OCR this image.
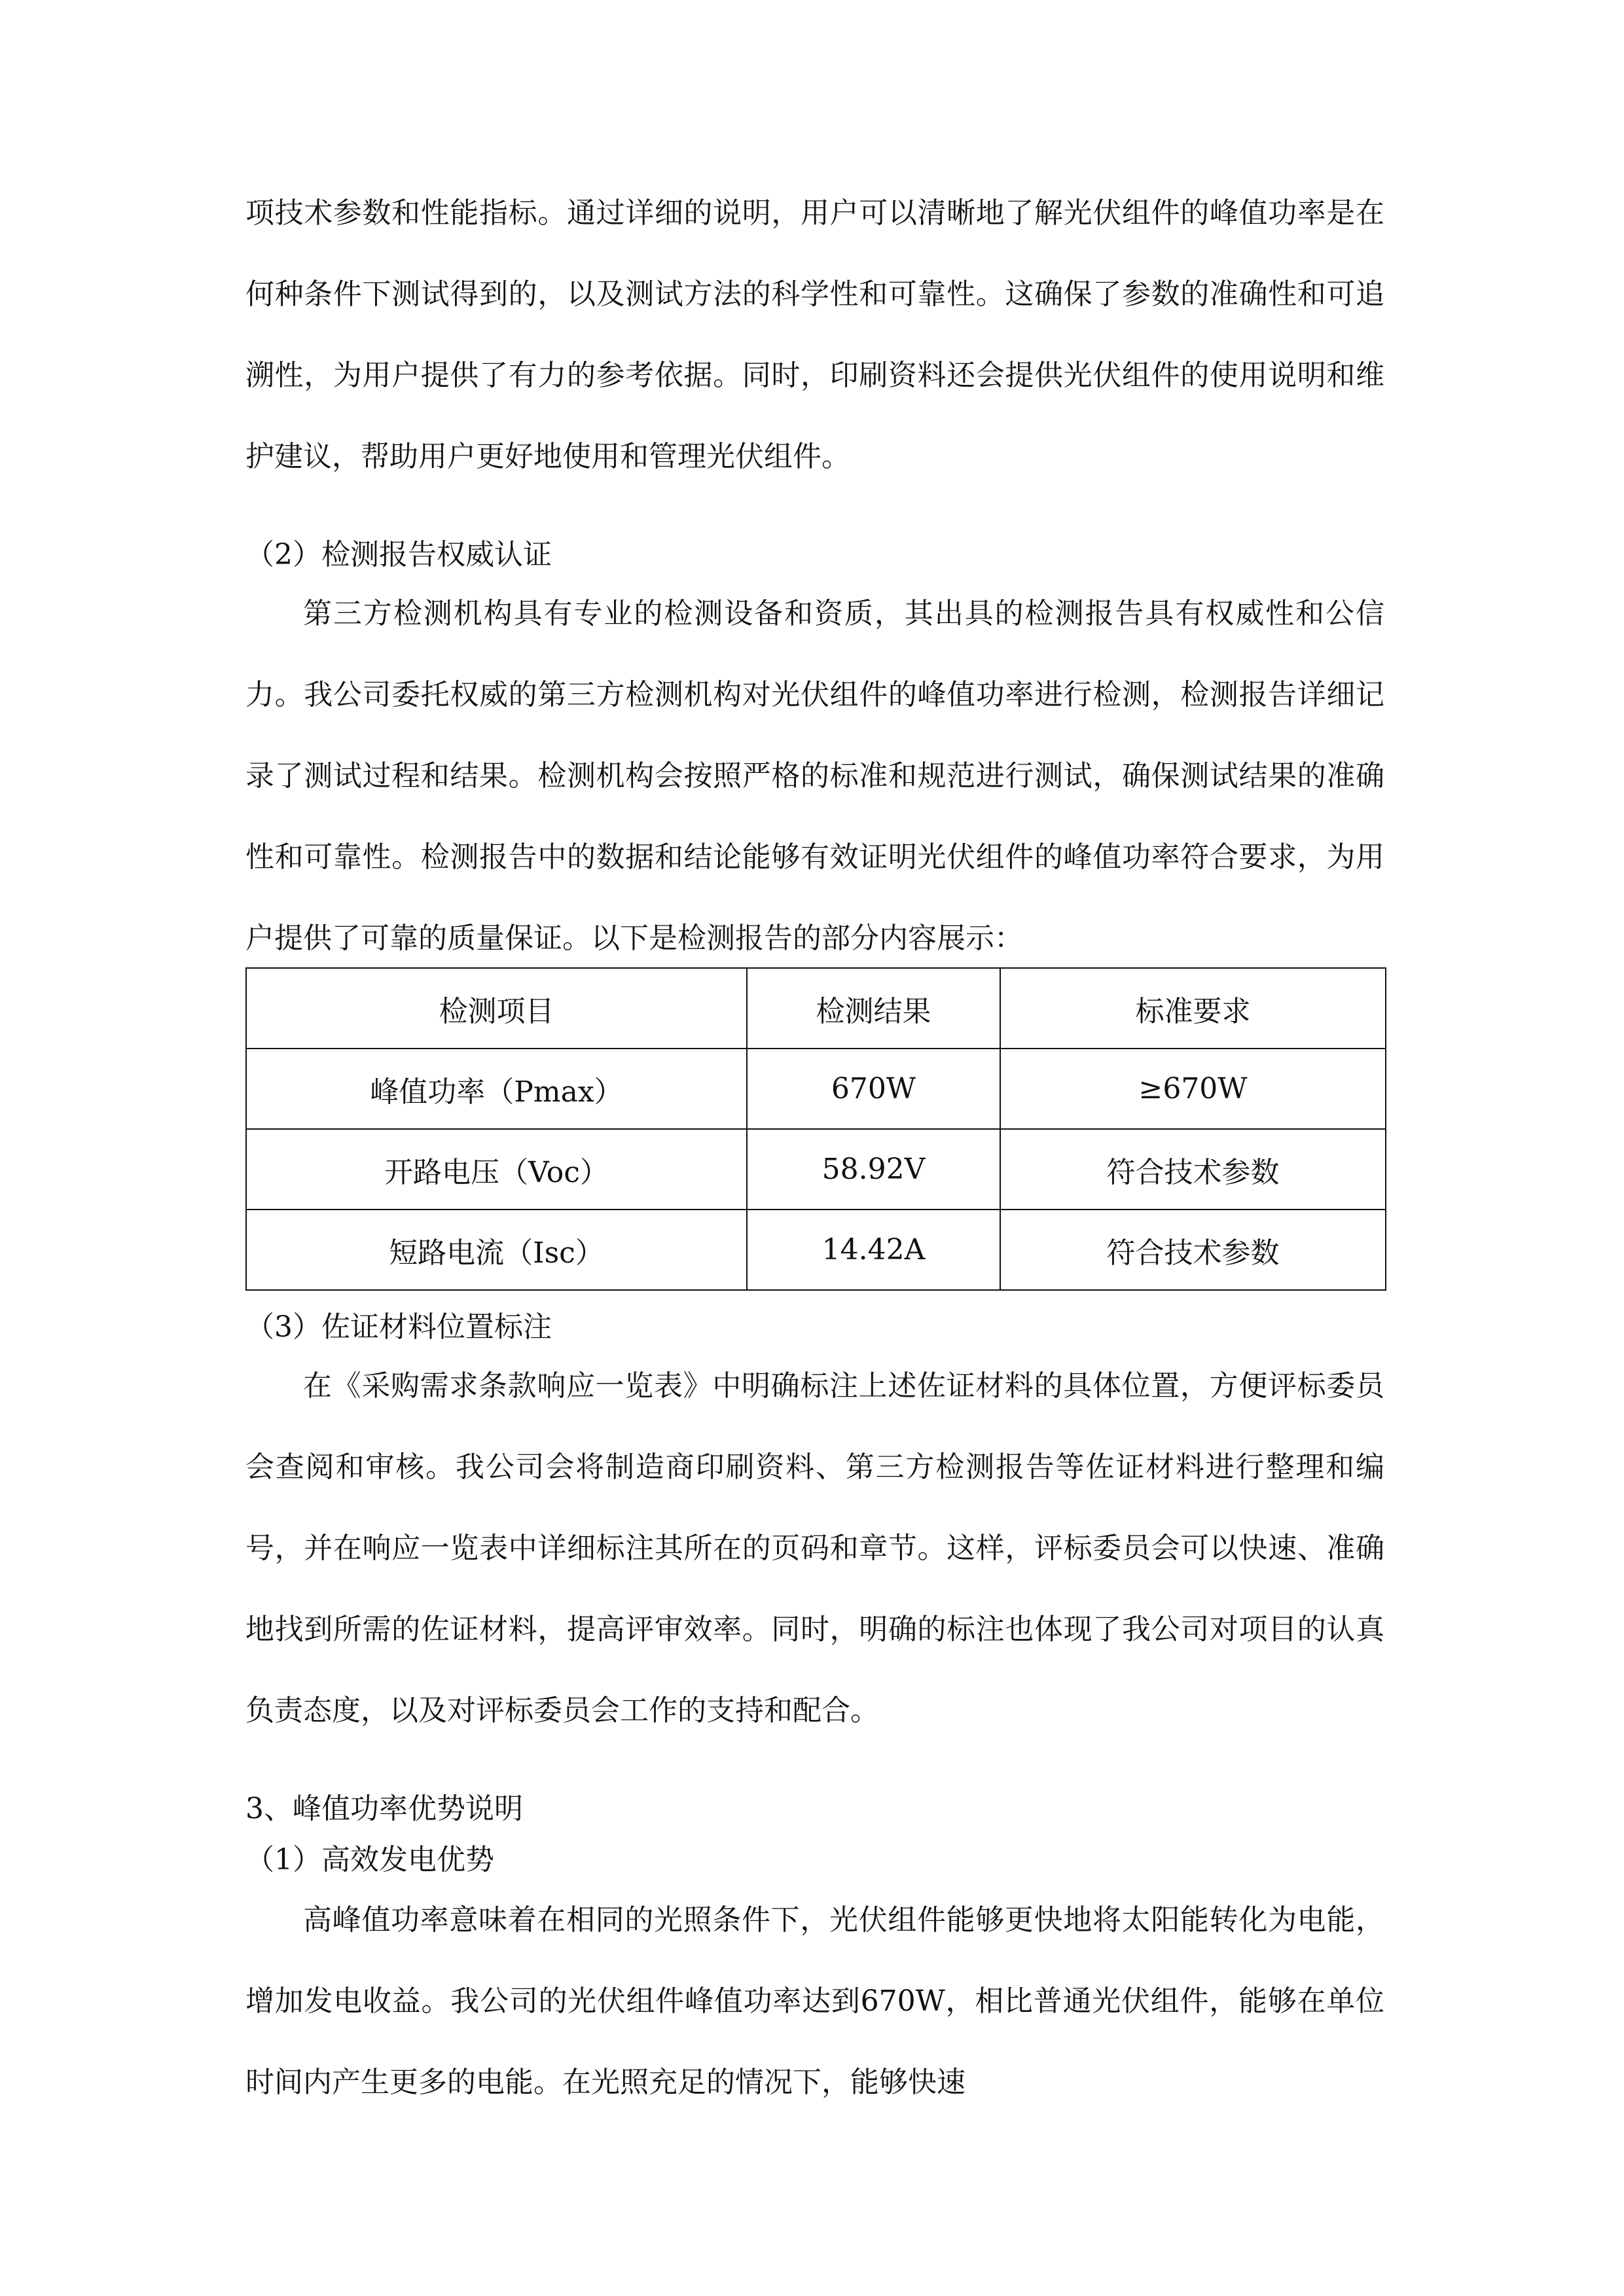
项技术参数和性能指标。通过详细的说明，用户可以清晰地了解光伏组件的峰值功率是在何种条件下测试得到的，以及测试方法的科学性和可靠性。这确保了参数的准确性和可追溯性，为用户提供了有力的参考依据。同时，印刷资料还会提供光伏组件的使用说明和维护建议，帮助用户更好地使用和管理光伏组件。

（2）检测报告权威认证

第三方检测机构具有专业的检测设备和资质，其出具的检测报告具有权威性和公信力。我公司委托权威的第三方检测机构对光伏组件的峰值功率进行检测，检测报告详细记录了测试过程和结果。检测机构会按照严格的标准和规范进行测试，确保测试结果的准确性和可靠性。检测报告中的数据和结论能够有效证明光伏组件的峰值功率符合要求，为用户提供了可靠的质量保证。以下是检测报告的部分内容展示：

检测项目	检测结果	标准要求
峰值功率（Pmax）	670W	≥670W
开路电压（Voc）	58.92V	符合技术参数
短路电流（Isc）	14.42A	符合技术参数

（3）佐证材料位置标注

在《采购需求条款响应一览表》中明确标注上述佐证材料的具体位置，方便评标委员会查阅和审核。我公司会将制造商印刷资料、第三方检测报告等佐证材料进行整理和编号，并在响应一览表中详细标注其所在的页码和章节。这样，评标委员会可以快速、准确地找到所需的佐证材料，提高评审效率。同时，明确的标注也体现了我公司对项目的认真负责态度，以及对评标委员会工作的支持和配合。

3、峰值功率优势说明

（1）高效发电优势

高峰值功率意味着在相同的光照条件下，光伏组件能够更快地将太阳能转化为电能，增加发电收益。我公司的光伏组件峰值功率达到670W，相比普通光伏组件，能够在单位时间内产生更多的电能。在光照充足的情况下，能够快速
